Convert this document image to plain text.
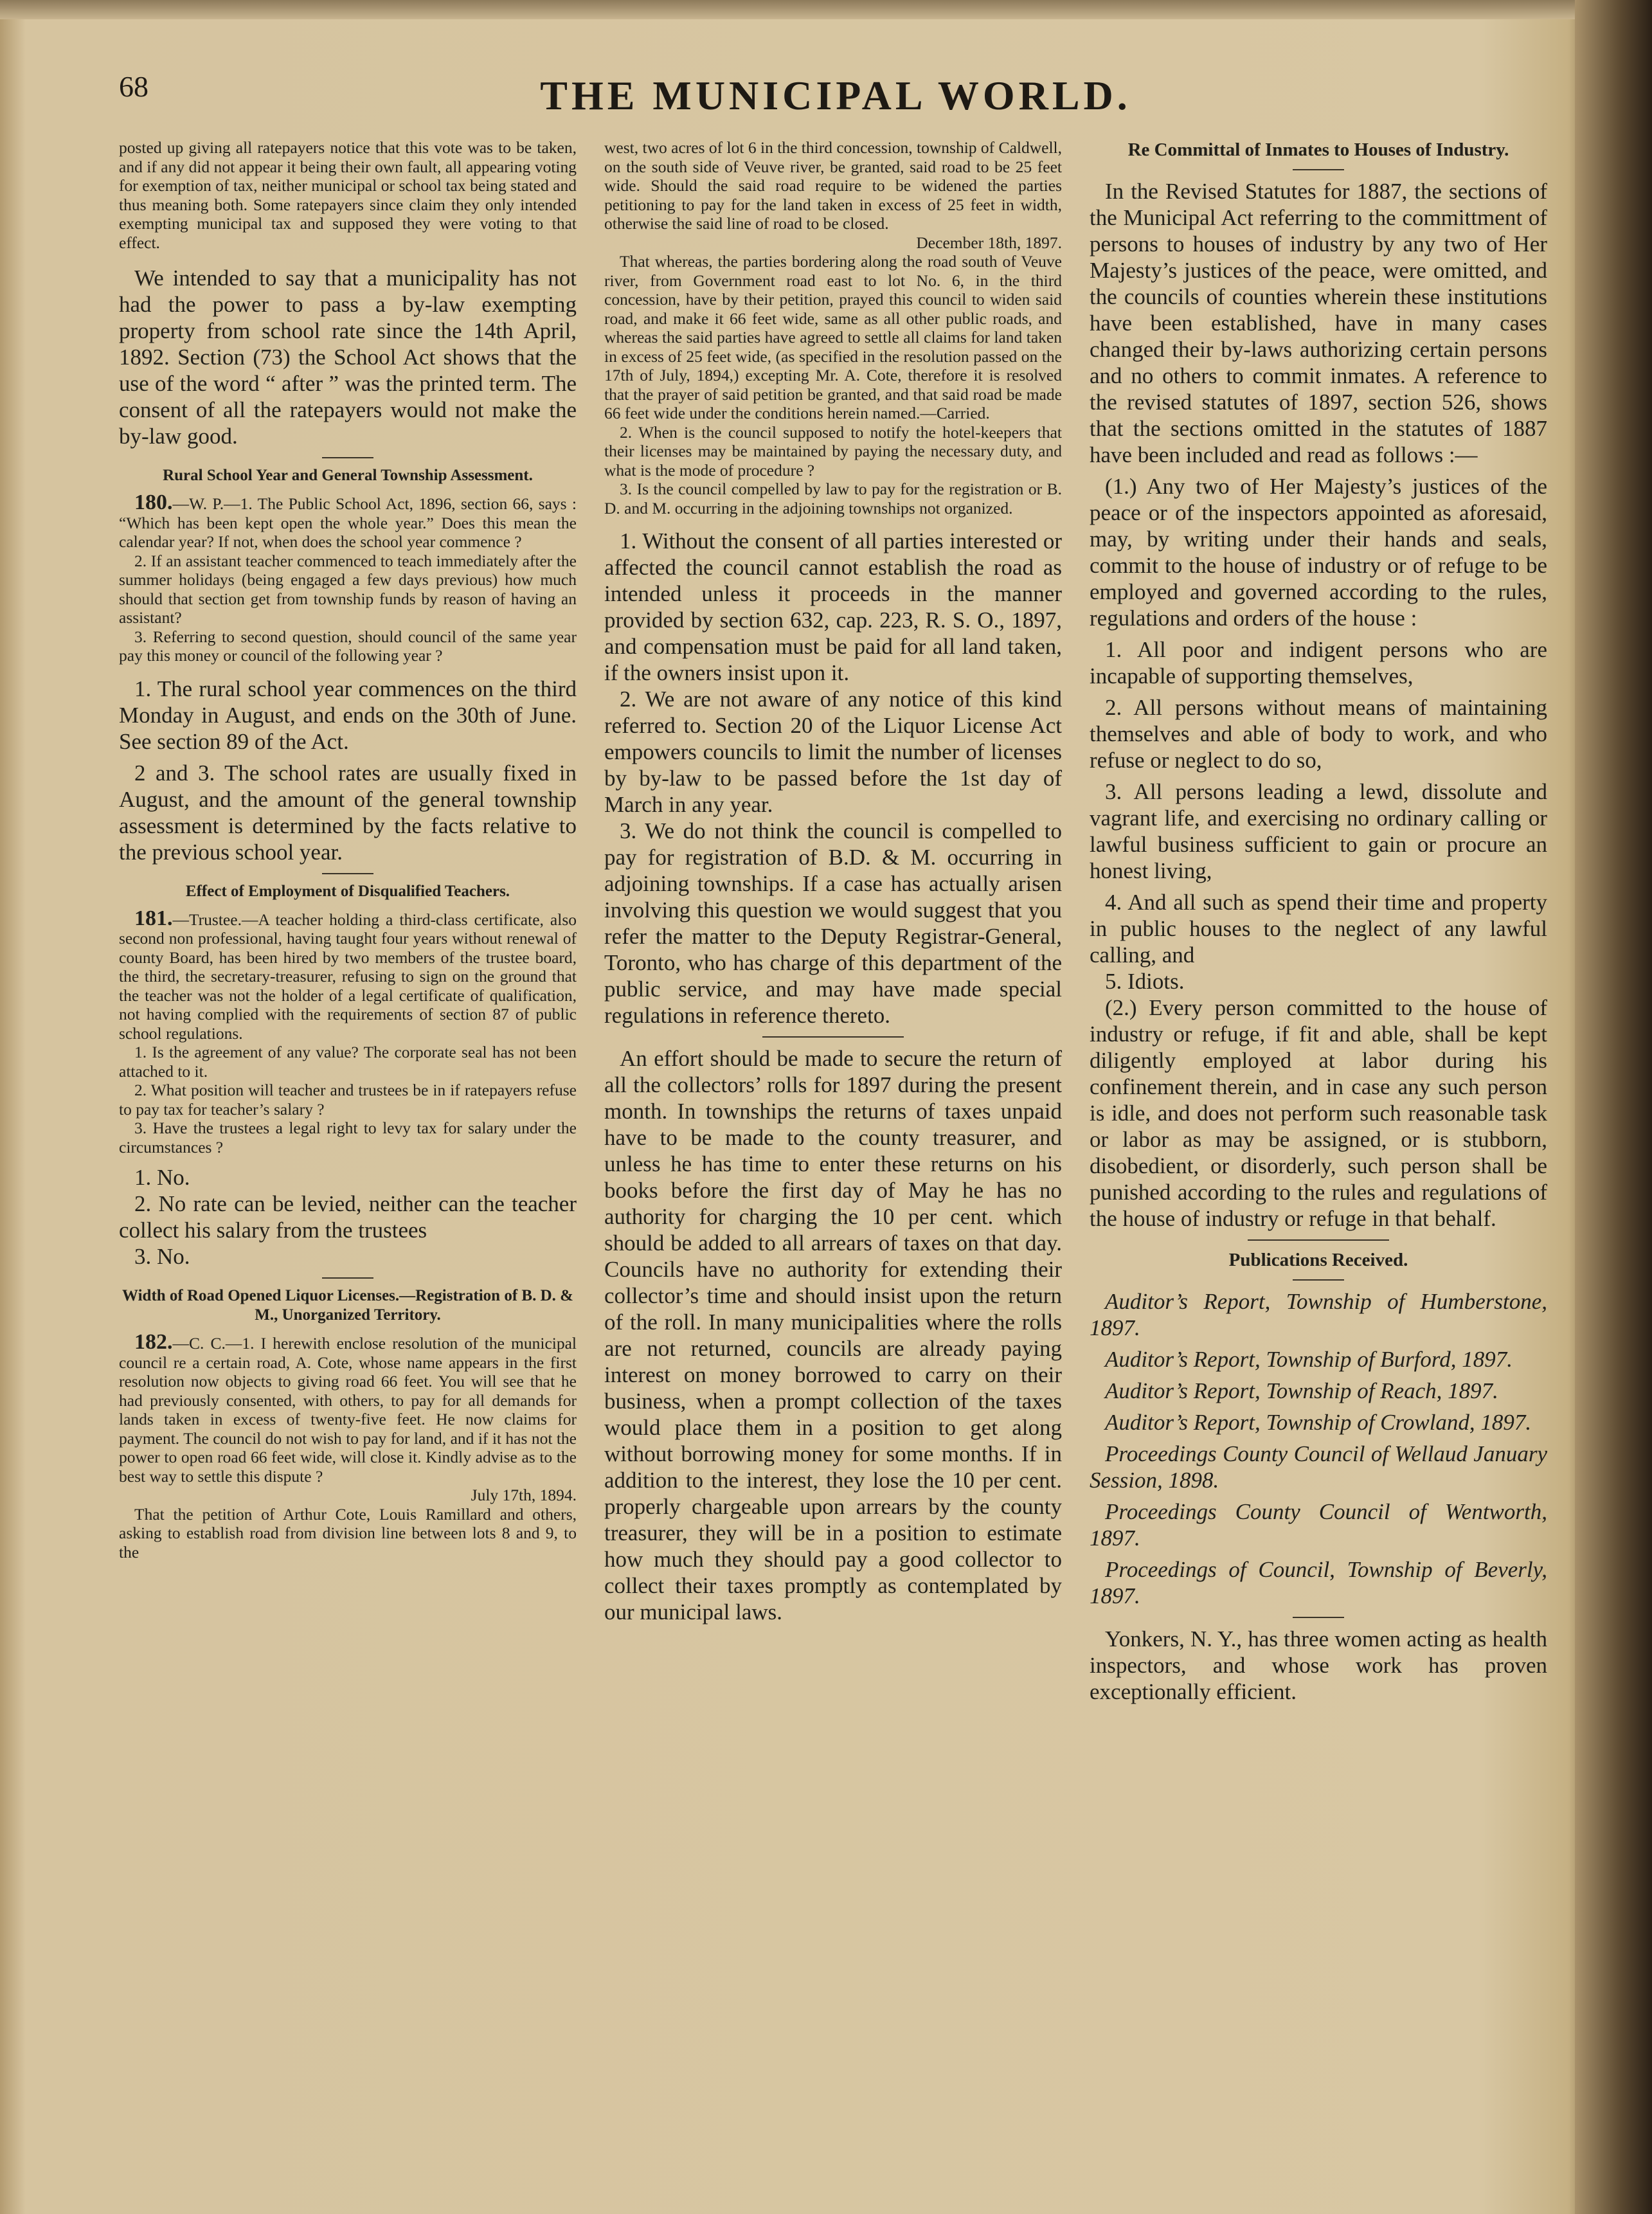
68	THE MUNICIPAL WORLD.

posted up giving all ratepayers notice that this vote was to be taken, and if any did not appear it being their own fault, all appearing voting for exemption of tax, neither municipal or school tax being stated and thus meaning both. Some ratepayers since claim they only intended exempting municipal tax and supposed they were voting to that effect.

We intended to say that a municipality has not had the power to pass a by-law exempting property from school rate since the 14th April, 1892. Section (73) the School Act shows that the use of the word “ after ” was the printed term. The consent of all the ratepayers would not make the by-law good.

Rural School Year and General Township Assessment.

180.—W. P.—1. The Public School Act, 1896, section 66, says : “Which has been kept open the whole year.” Does this mean the calendar year? If not, when does the school year commence ?

2. If an assistant teacher commenced to teach immediately after the summer holidays (being engaged a few days previous) how much should that section get from township funds by reason of having an assistant?

3. Referring to second question, should council of the same year pay this money or council of the following year ?

1. The rural school year commences on the third Monday in August, and ends on the 30th of June. See section 89 of the Act.

2 and 3. The school rates are usually fixed in August, and the amount of the general township assessment is determined by the facts relative to the previous school year.

Effect of Employment of Disqualified Teachers.

181.—Trustee.—A teacher holding a third-class certificate, also second non professional, having taught four years without renewal of county Board, has been hired by two members of the trustee board, the third, the secretary-treasurer, refusing to sign on the ground that the teacher was not the holder of a legal certificate of qualification, not having complied with the requirements of section 87 of public school regulations.

1. Is the agreement of any value? The corporate seal has not been attached to it.

2. What position will teacher and trustees be in if ratepayers refuse to pay tax for teacher’s salary ?

3. Have the trustees a legal right to levy tax for salary under the circumstances ?

1. No.

2. No rate can be levied, neither can the teacher collect his salary from the trustees

3. No.

Width of Road Opened Liquor Licenses.—Registration of B. D. & M., Unorganized Territory.

182.—C. C.—1. I herewith enclose resolution of the municipal council re a certain road, A. Cote, whose name appears in the first resolution now objects to giving road 66 feet. You will see that he had previously consented, with others, to pay for all demands for lands taken in excess of twenty-five feet. He now claims for payment. The council do not wish to pay for land, and if it has not the power to open road 66 feet wide, will close it. Kindly advise as to the best way to settle this dispute ?

July 17th, 1894.

That the petition of Arthur Cote, Louis Ramillard and others, asking to establish road from division line between lots 8 and 9, to the

west, two acres of lot 6 in the third concession, township of Caldwell, on the south side of Veuve river, be granted, said road to be 25 feet wide. Should the said road require to be widened the parties petitioning to pay for the land taken in excess of 25 feet in width, otherwise the said line of road to be closed.

December 18th, 1897.

That whereas, the parties bordering along the road south of Veuve river, from Government road east to lot No. 6, in the third concession, have by their petition, prayed this council to widen said road, and make it 66 feet wide, same as all other public roads, and whereas the said parties have agreed to settle all claims for land taken in excess of 25 feet wide, (as specified in the resolution passed on the 17th of July, 1894,) excepting Mr. A. Cote, therefore it is resolved that the prayer of said petition be granted, and that said road be made 66 feet wide under the conditions herein named.—Carried.

2. When is the council supposed to notify the hotel-keepers that their licenses may be maintained by paying the necessary duty, and what is the mode of procedure ?

3. Is the council compelled by law to pay for the registration or B. D. and M. occurring in the adjoining townships not organized.

1. Without the consent of all parties interested or affected the council cannot establish the road as intended unless it proceeds in the manner provided by section 632, cap. 223, R. S. O., 1897, and compensation must be paid for all land taken, if the owners insist upon it.

2. We are not aware of any notice of this kind referred to. Section 20 of the Liquor License Act empowers councils to limit the number of licenses by by-law to be passed before the 1st day of March in any year.

3. We do not think the council is compelled to pay for registration of B.D. & M. occurring in adjoining townships. If a case has actually arisen involving this question we would suggest that you refer the matter to the Deputy Registrar-General, Toronto, who has charge of this department of the public service, and may have made special regulations in reference thereto.

An effort should be made to secure the return of all the collectors’ rolls for 1897 during the present month. In townships the returns of taxes unpaid have to be made to the county treasurer, and unless he has time to enter these returns on his books before the first day of May he has no authority for charging the 10 per cent. which should be added to all arrears of taxes on that day. Councils have no authority for extending their collector’s time and should insist upon the return of the roll. In many municipalities where the rolls are not returned, councils are already paying interest on money borrowed to carry on their business, when a prompt collection of the taxes would place them in a position to get along without borrowing money for some months. If in addition to the interest, they lose the 10 per cent. properly chargeable upon arrears by the county treasurer, they will be in a position to estimate how much they should pay a good collector to collect their taxes promptly as contemplated by our municipal laws.

Re Committal of Inmates to Houses of Industry.

In the Revised Statutes for 1887, the sections of the Municipal Act referring to the committment of persons to houses of industry by any two of Her Majesty’s justices of the peace, were omitted, and the councils of counties wherein these institutions have been established, have in many cases changed their by-laws authorizing certain persons and no others to commit inmates. A reference to the revised statutes of 1897, section 526, shows that the sections omitted in the statutes of 1887 have been included and read as follows :—

(1.) Any two of Her Majesty’s justices of the peace or of the inspectors appointed as aforesaid, may, by writing under their hands and seals, commit to the house of industry or of refuge to be employed and governed according to the rules, regulations and orders of the house :

1. All poor and indigent persons who are incapable of supporting themselves,

2. All persons without means of maintaining themselves and able of body to work, and who refuse or neglect to do so,

3. All persons leading a lewd, dissolute and vagrant life, and exercising no ordinary calling or lawful business sufficient to gain or procure an honest living,

4. And all such as spend their time and property in public houses to the neglect of any lawful calling, and

5. Idiots.

(2.) Every person committed to the house of industry or refuge, if fit and able, shall be kept diligently employed at labor during his confinement therein, and in case any such person is idle, and does not perform such reasonable task or labor as may be assigned, or is stubborn, disobedient, or disorderly, such person shall be punished according to the rules and regulations of the house of industry or refuge in that behalf.

Publications Received.

Auditor’s Report, Township of Humberstone, 1897.

Auditor’s Report, Township of Burford, 1897.

Auditor’s Report, Township of Reach, 1897.

Auditor’s Report, Township of Crowland, 1897.

Proceedings County Council of Wellaud January Session, 1898.

Proceedings County Council of Wentworth, 1897.

Proceedings of Council, Township of Beverly, 1897.

Yonkers, N. Y., has three women acting as health inspectors, and whose work has proven exceptionally efficient.
